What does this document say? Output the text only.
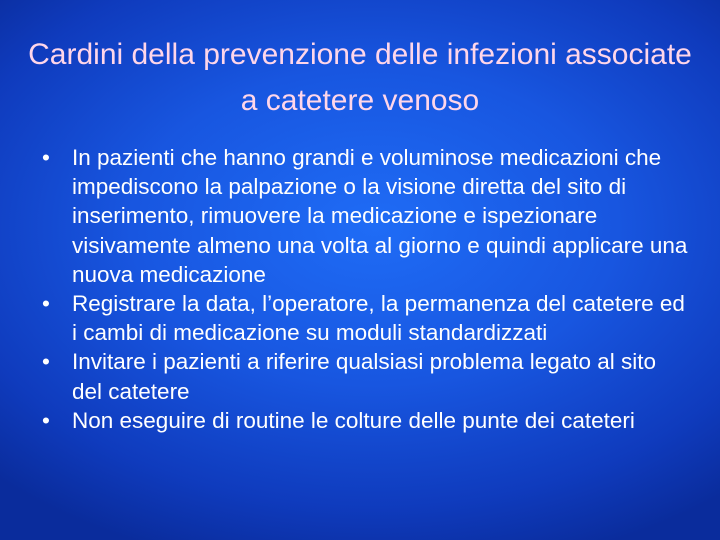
Cardini della prevenzione delle infezioni associate a catetere venoso
• In pazienti che hanno grandi e voluminose medicazioni che impediscono la palpazione o la visione diretta del sito di inserimento, rimuovere la medicazione e ispezionare visivamente almeno una volta al giorno e quindi applicare una nuova medicazione
• Registrare la data, l’operatore, la permanenza del catetere ed i cambi di medicazione su moduli standardizzati
• Invitare i pazienti a riferire qualsiasi problema legato al sito del catetere
• Non eseguire di routine le colture delle punte dei cateteri
